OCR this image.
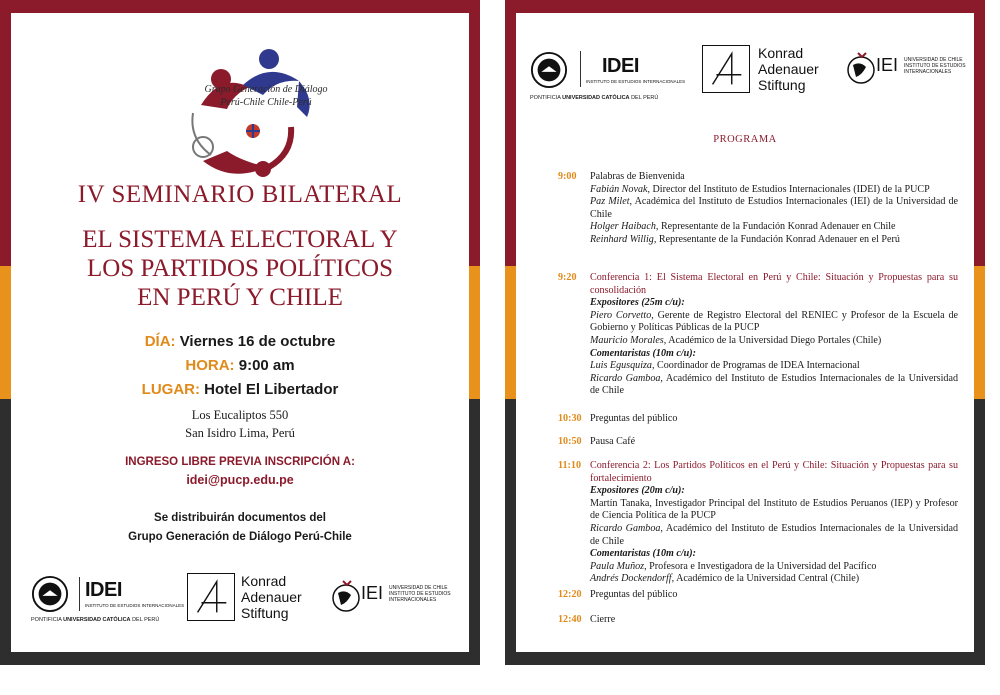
Grupo Generación de Diálogo
Perú-Chile Chile-Perú
IV SEMINARIO BILATERAL
EL SISTEMA ELECTORAL Y
LOS PARTIDOS POLÍTICOS
EN PERÚ Y CHILE
DÍA: Viernes 16 de octubre
HORA: 9:00 am
LUGAR: Hotel El Libertador
Los Eucaliptos 550
San Isidro Lima, Perú
INGRESO LIBRE PREVIA INSCRIPCIÓN A:
idei@pucp.edu.pe
Se distribuirán documentos del
Grupo Generación de Diálogo Perú-Chile
PONTIFICIA UNIVERSIDAD CATÓLICA DEL PERÚ
IDEI
INSTITUTO DE ESTUDIOS INTERNACIONALES
Konrad
Adenauer
Stiftung
IEI UNIVERSIDAD DE CHILE
INSTITUTO DE ESTUDIOS
INTERNACIONALES
PONTIFICIA UNIVERSIDAD CATÓLICA DEL PERÚ
IDEI
INSTITUTO DE ESTUDIOS INTERNACIONALES
Konrad
Adenauer
Stiftung
IEI UNIVERSIDAD DE CHILE
INSTITUTO DE ESTUDIOS
INTERNACIONALES
PROGRAMA
9:00 Palabras de Bienvenida
Fabián Novak, Director del Instituto de Estudios Internacionales (IDEI) de la PUCP
Paz Milet, Académica del Instituto de Estudios Internacionales (IEI) de la Universidad de Chile
Holger Haibach, Representante de la Fundación Konrad Adenauer en Chile
Reinhard Willig, Representante de la Fundación Konrad Adenauer en el Perú
9:20 Conferencia 1: El Sistema Electoral en Perú y Chile: Situación y Propuestas para su consolidación
Expositores (25m c/u):
Piero Corvetto, Gerente de Registro Electoral del RENIEC y Profesor de la Escuela de Gobierno y Políticas Públicas de la PUCP
Mauricio Morales, Académico de la Universidad Diego Portales (Chile)
Comentaristas (10m c/u):
Luis Egusquiza, Coordinador de Programas de IDEA Internacional
Ricardo Gamboa, Académico del Instituto de Estudios Internacionales de la Universidad de Chile
10:30 Preguntas del público
10:50 Pausa Café
11:10 Conferencia 2: Los Partidos Políticos en el Perú y Chile: Situación y Propuestas para su fortalecimiento
Expositores (20m c/u):
Martín Tanaka, Investigador Principal del Instituto de Estudios Peruanos (IEP) y Profesor de Ciencia Política de la PUCP
Ricardo Gamboa, Académico del Instituto de Estudios Internacionales de la Universidad de Chile
Comentaristas (10m c/u):
Paula Muñoz, Profesora e Investigadora de la Universidad del Pacífico
Andrés Dockendorff, Académico de la Universidad Central (Chile)
12:20 Preguntas del público
12:40 Cierre
